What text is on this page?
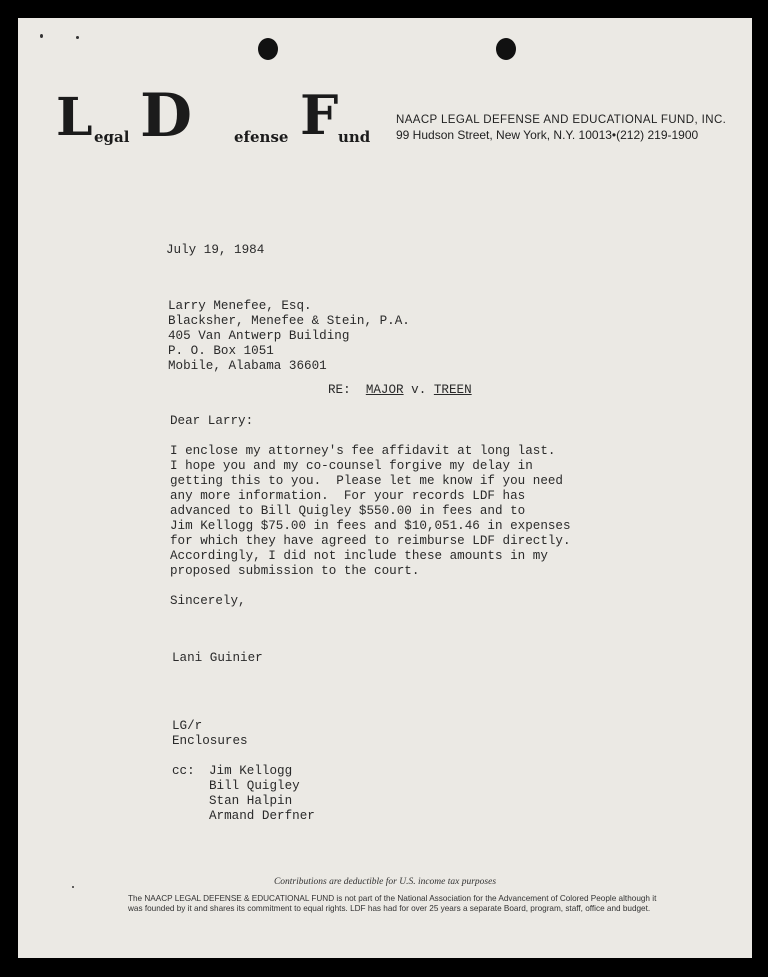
L egal D	efense F und
NAACP LEGAL DEFENSE AND EDUCATIONAL FUND, INC.
99 Hudson Street, New York, N.Y. 10013•(212) 219-1900
July 19, 1984
Larry Menefee, Esq.
Blacksher, Menefee & Stein, P.A.
405 Van Antwerp Building
P. O. Box 1051
Mobile, Alabama 36601
RE: MAJOR v. TREEN
Dear Larry:
I enclose my attorney's fee affidavit at long last.
I hope you and my co-counsel forgive my delay in
getting this to you.  Please let me know if you need
any more information.  For your records LDF has
advanced to Bill Quigley $550.00 in fees and to
Jim Kellogg $75.00 in fees and $10,051.46 in expenses
for which they have agreed to reimburse LDF directly.
Accordingly, I did not include these amounts in my
proposed submission to the court.
Sincerely,
Lani Guinier
LG/r
Enclosures
cc: Jim Kellogg
Bill Quigley
Stan Halpin
Armand Derfner
Contributions are deductible for U.S. income tax purposes
The NAACP LEGAL DEFENSE & EDUCATIONAL FUND is not part of the National Association for the Advancement of Colored People although it
was founded by it and shares its commitment to equal rights. LDF has had for over 25 years a separate Board, program, staff, office and budget.
